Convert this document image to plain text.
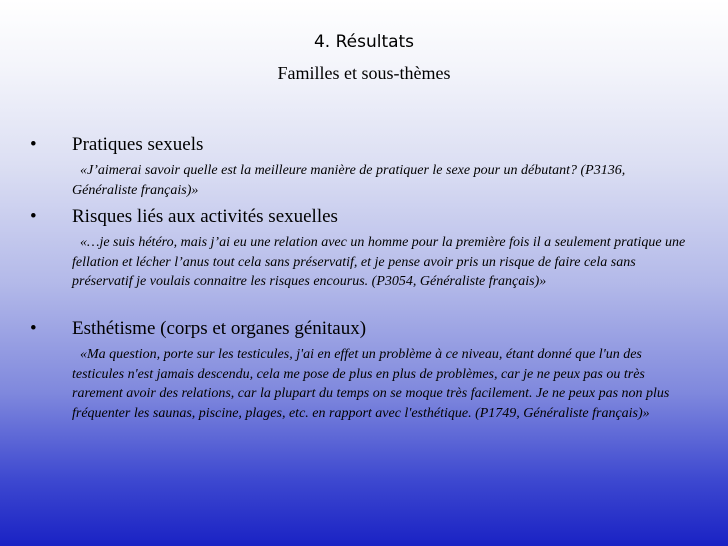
4. Résultats
Familles et sous-thèmes
•	Pratiques sexuels
«J’aimerai savoir quelle est la meilleure manière de pratiquer le sexe pour un débutant? (P3136, Généraliste français)»
•	Risques liés aux activités sexuelles
«…je suis hétéro, mais j’ai eu une relation avec un homme pour la première fois il a seulement pratique une fellation et lécher l’anus tout cela sans préservatif, et je pense avoir pris un risque de faire cela sans préservatif je voulais connaitre les risques encourus. (P3054, Généraliste français)»
•	Esthétisme (corps et organes génitaux)
«Ma question, porte sur les testicules, j'ai en effet un problème à ce niveau, étant donné que l'un des testicules n'est jamais descendu, cela me pose de plus en plus de problèmes, car je ne peux pas ou très rarement avoir des relations, car la plupart du temps on se moque très facilement. Je ne peux pas non plus fréquenter les saunas, piscine, plages, etc. en rapport avec l'esthétique. (P1749, Généraliste français)»
